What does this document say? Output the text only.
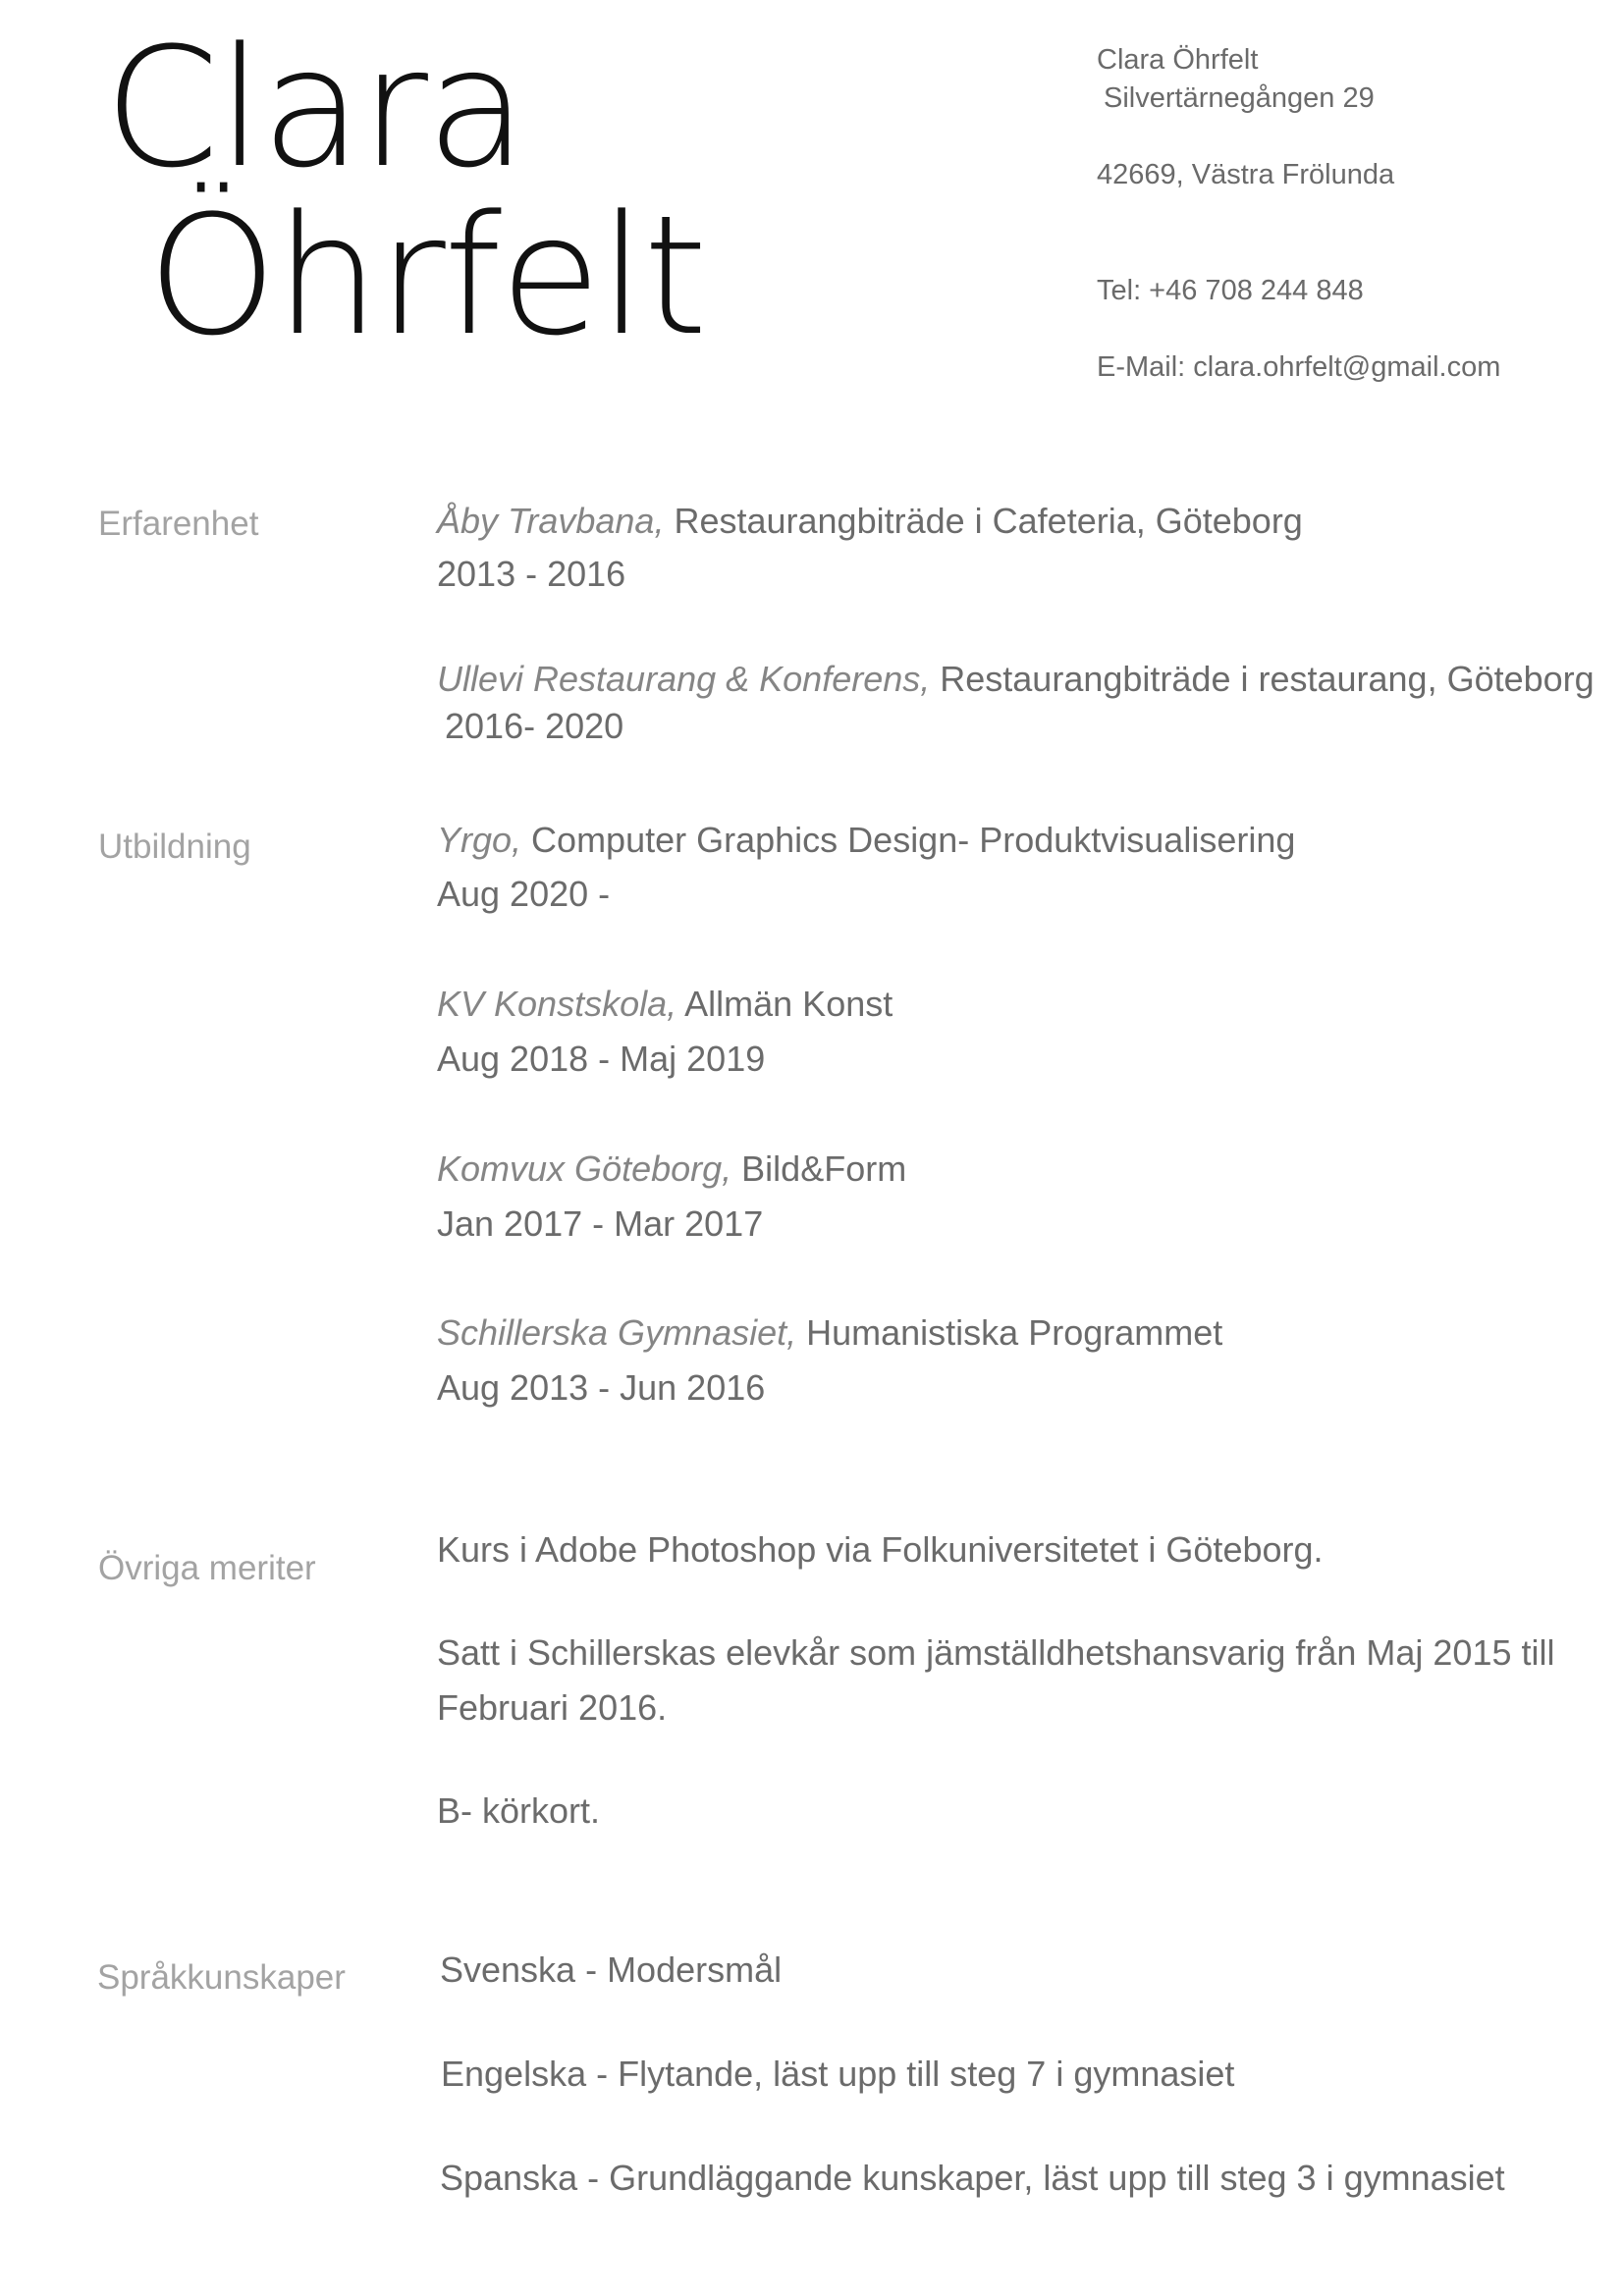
Clara
Öhrfelt
Clara Öhrfelt
Silvertärnegången 29
42669, Västra Frölunda
Tel: +46 708 244 848
E-Mail: clara.ohrfelt@gmail.com
Erfarenhet	Åby Travbana, Restaurangbiträde i Cafeteria, Göteborg
2013 - 2016
Ullevi Restaurang & Konferens, Restaurangbiträde i restaurang, Göteborg
2016- 2020
Utbildning	Yrgo, Computer Graphics Design- Produktvisualisering
Aug 2020 -
KV Konstskola, Allmän Konst
Aug 2018 - Maj 2019
Komvux Göteborg, Bild&Form
Jan 2017 - Mar 2017
Schillerska Gymnasiet, Humanistiska Programmet
Aug 2013 - Jun 2016
Övriga meriter	Kurs i Adobe Photoshop via Folkuniversitetet i Göteborg.
Satt i Schillerskas elevkår som jämställdhetshansvarig från Maj 2015 till
Februari 2016.
B- körkort.
Språkkunskaper	Svenska - Modersmål
Engelska - Flytande, läst upp till steg 7 i gymnasiet
Spanska - Grundläggande kunskaper, läst upp till steg 3 i gymnasiet
